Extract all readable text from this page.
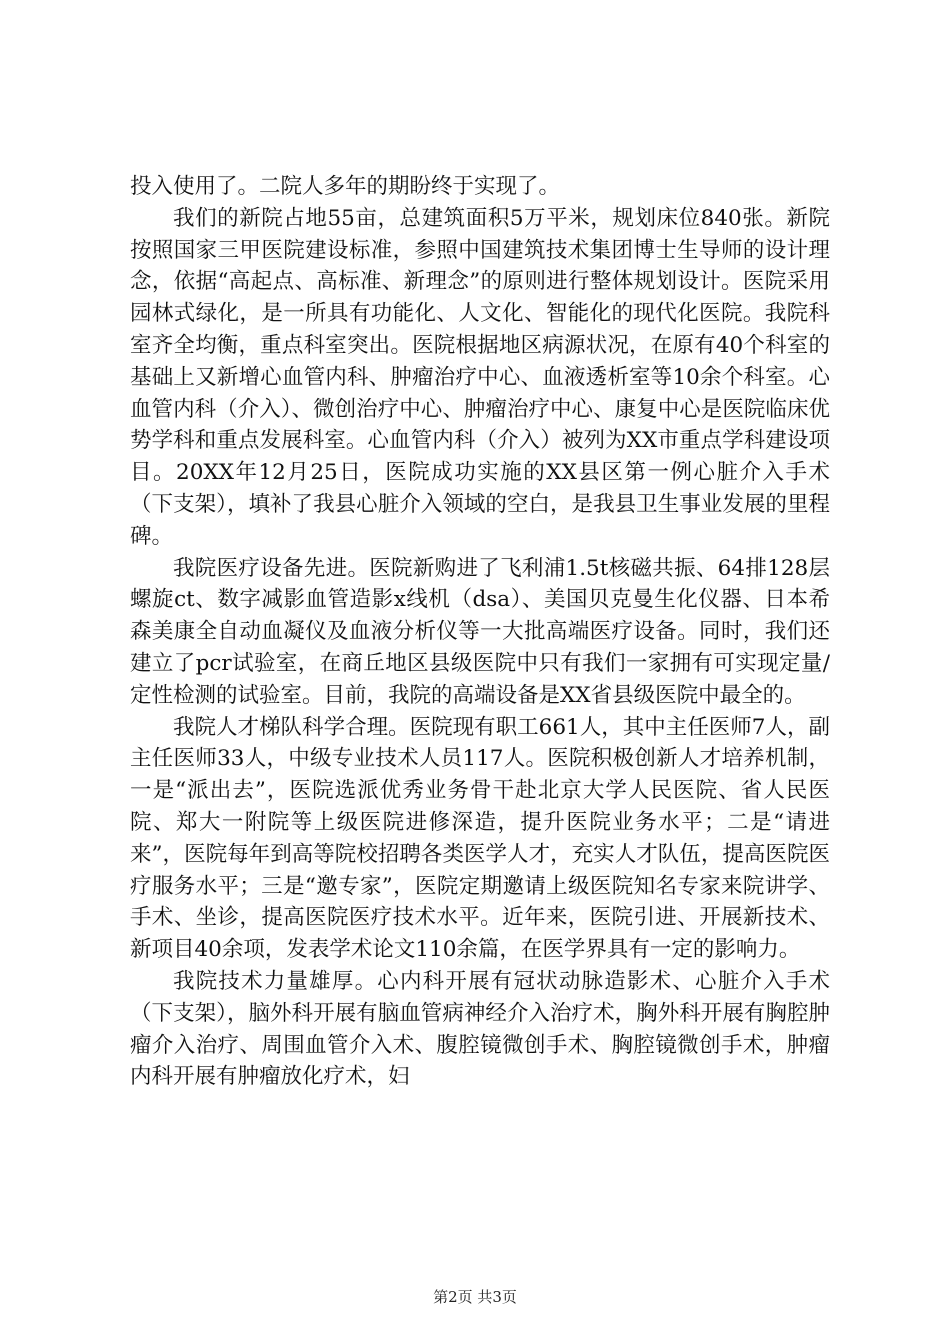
投入使用了。二院人多年的期盼终于实现了。

我们的新院占地55亩，总建筑面积5万平米，规划床位840张。新院按照国家三甲医院建设标准，参照中国建筑技术集团博士生导师的设计理念，依据“高起点、高标准、新理念”的原则进行整体规划设计。医院采用园林式绿化，是一所具有功能化、人文化、智能化的现代化医院。我院科室齐全均衡，重点科室突出。医院根据地区病源状况，在原有40个科室的基础上又新增心血管内科、肿瘤治疗中心、血液透析室等10余个科室。心血管内科（介入）、微创治疗中心、肿瘤治疗中心、康复中心是医院临床优势学科和重点发展科室。心血管内科（介入）被列为XX市重点学科建设项目。20XX年12月25日，医院成功实施的XX县区第一例心脏介入手术（下支架），填补了我县心脏介入领域的空白，是我县卫生事业发展的里程碑。

我院医疗设备先进。医院新购进了飞利浦1.5t核磁共振、64排128层螺旋ct、数字减影血管造影x线机（dsa）、美国贝克曼生化仪器、日本希森美康全自动血凝仪及血液分析仪等一大批高端医疗设备。同时，我们还建立了pcr试验室，在商丘地区县级医院中只有我们一家拥有可实现定量/定性检测的试验室。目前，我院的高端设备是XX省县级医院中最全的。

我院人才梯队科学合理。医院现有职工661人，其中主任医师7人，副主任医师33人，中级专业技术人员117人。医院积极创新人才培养机制，一是“派出去”，医院选派优秀业务骨干赴北京大学人民医院、省人民医院、郑大一附院等上级医院进修深造，提升医院业务水平；二是“请进来”，医院每年到高等院校招聘各类医学人才，充实人才队伍，提高医院医疗服务水平；三是“邀专家”，医院定期邀请上级医院知名专家来院讲学、手术、坐诊，提高医院医疗技术水平。近年来，医院引进、开展新技术、新项目40余项，发表学术论文110余篇，在医学界具有一定的影响力。

我院技术力量雄厚。心内科开展有冠状动脉造影术、心脏介入手术（下支架），脑外科开展有脑血管病神经介入治疗术，胸外科开展有胸腔肿瘤介入治疗、周围血管介入术、腹腔镜微创手术、胸腔镜微创手术，肿瘤内科开展有肿瘤放化疗术，妇

第2页 共3页
